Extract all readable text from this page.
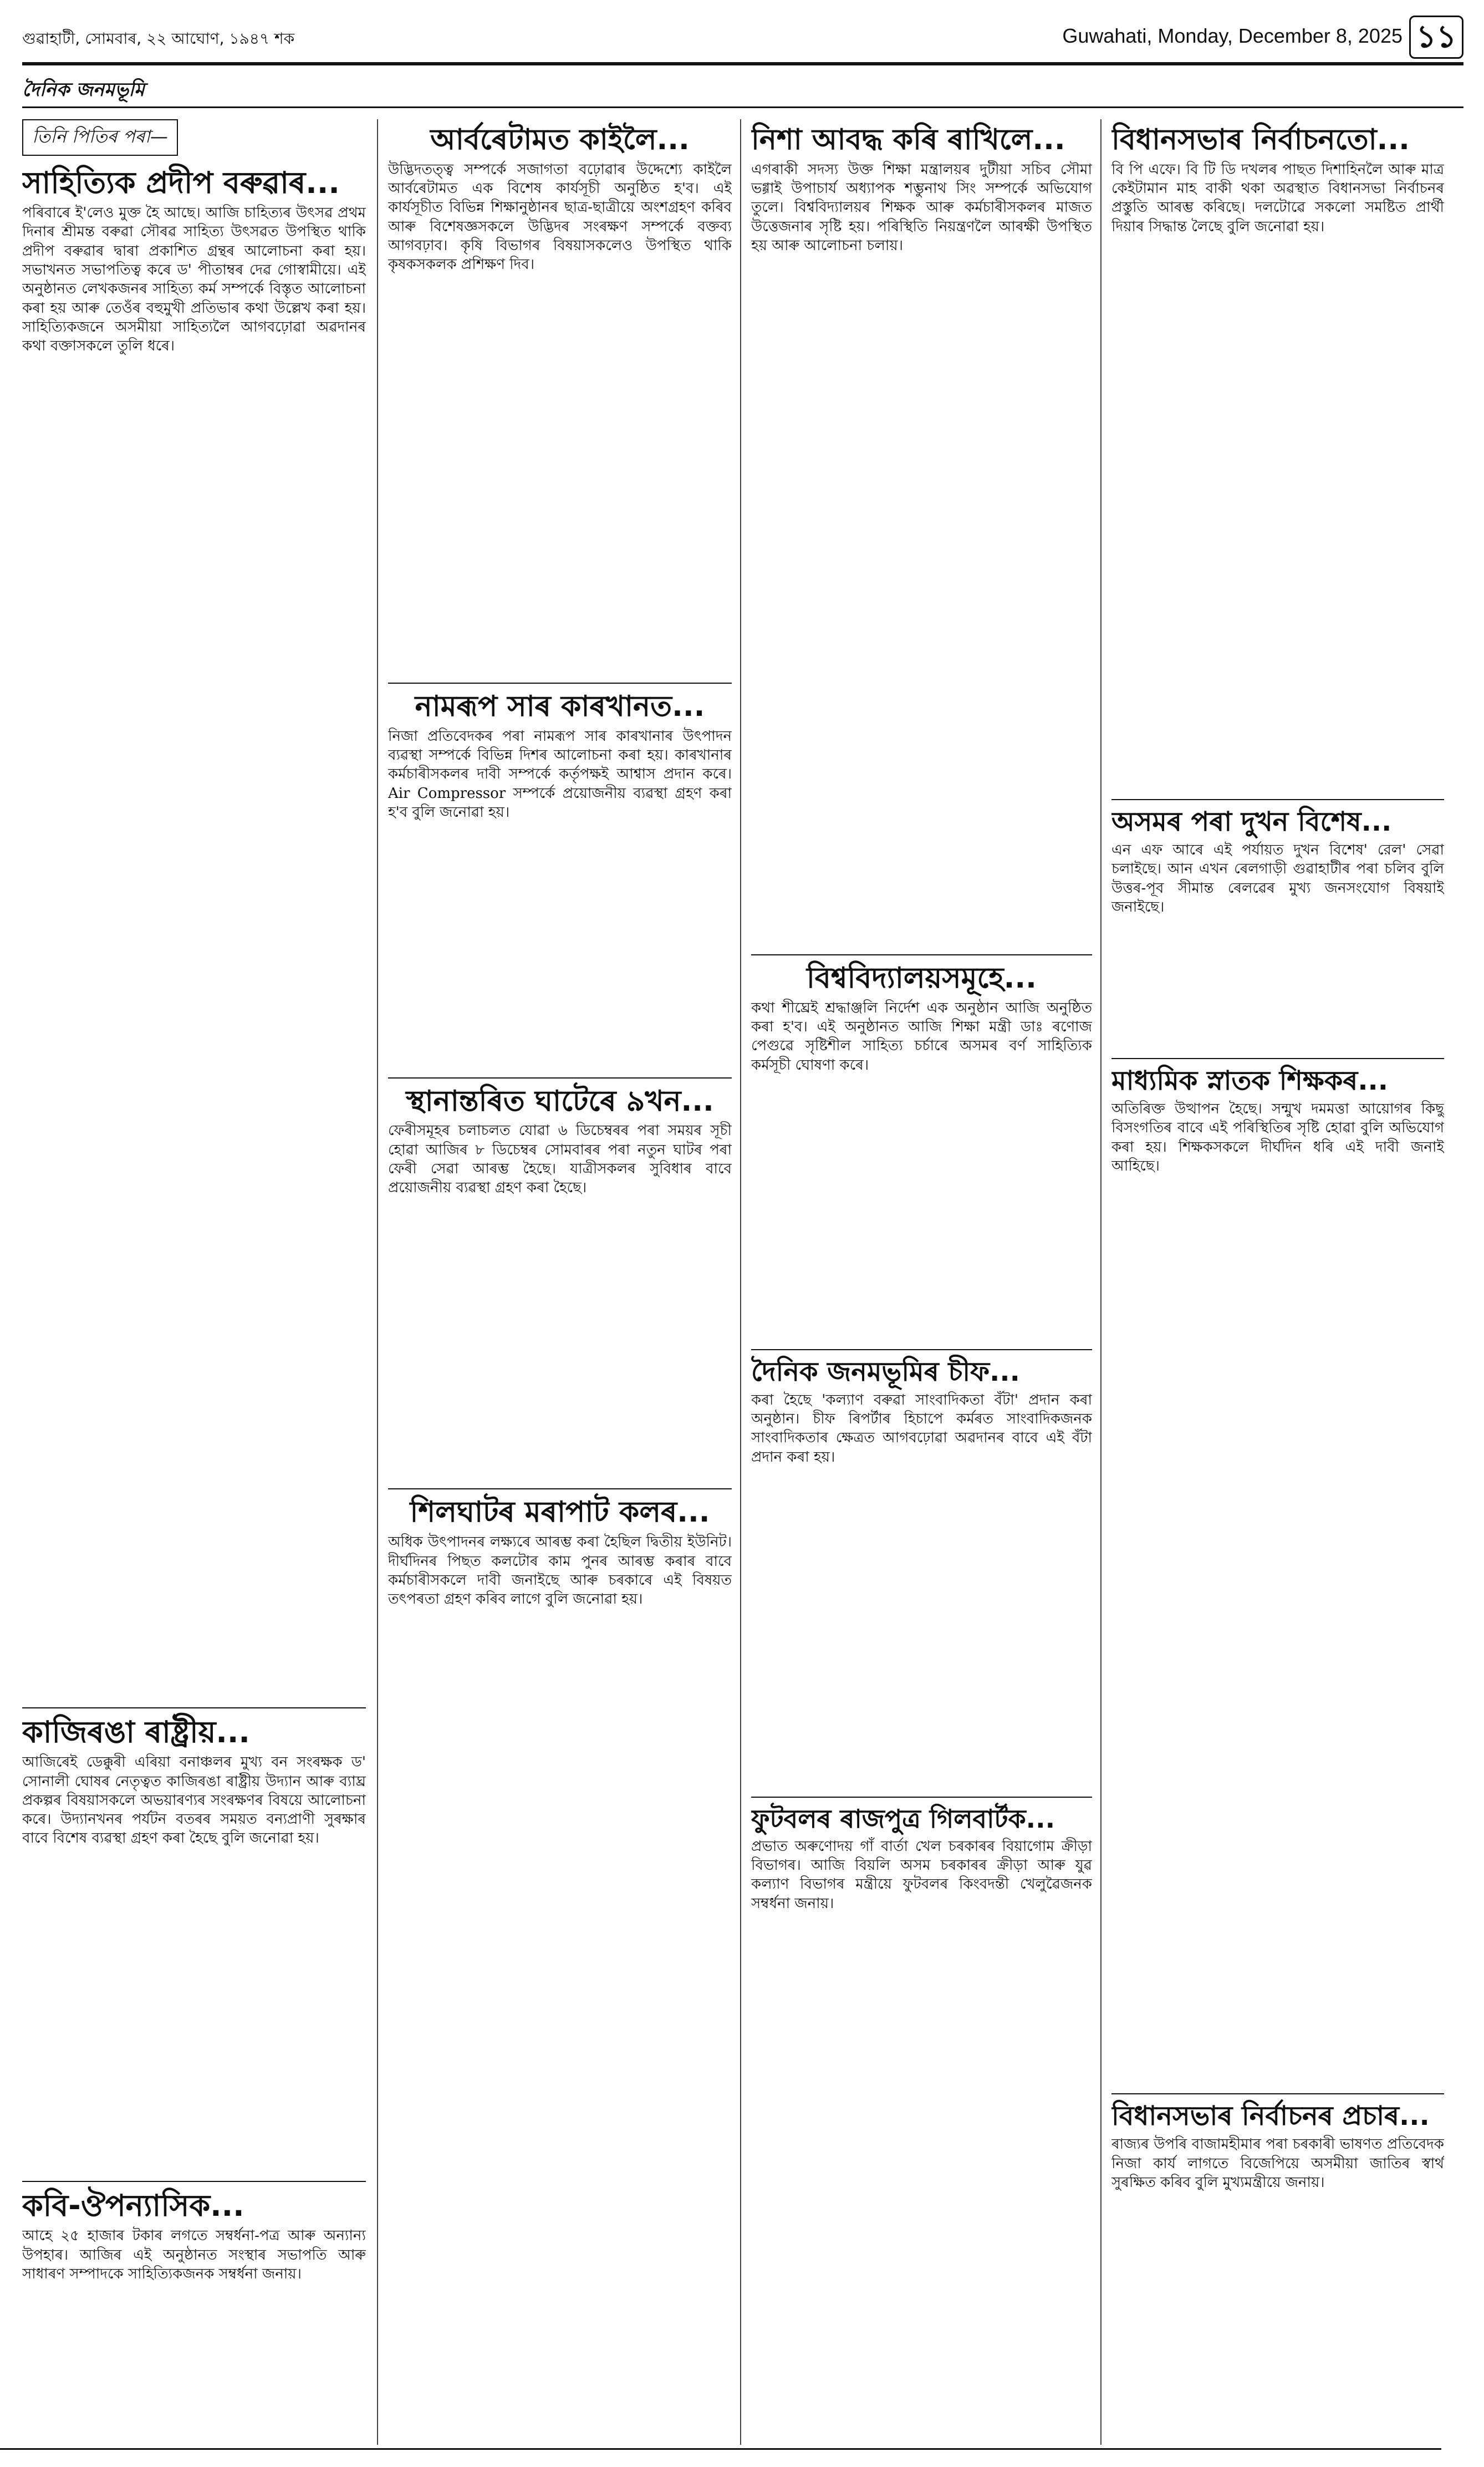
গুৱাহাটী, সোমবাৰ, ২২ আঘোণ, ১৯৪৭ শক	Guwahati, Monday, December 8, 2025 ১১
দৈনিক জনমভূমি
তিনি পিতিৰ পৰা—
সাহিত্যিক প্ৰদীপ বৰুৱাৰ...
পৰিবাৰে ই'লেও মুক্ত হৈ আছে। আজি চাহিত্যৰ উৎসৱ প্ৰথম দিনাৰ শ্ৰীমন্ত বৰুৱা সৌৰৱ সাহিত্য উৎসৱত উপস্থিত থাকি প্ৰদীপ বৰুৱাৰ দ্বাৰা প্ৰকাশিত গ্ৰন্থৰ আলোচনা কৰা হয়। সভাখনত সভাপতিত্ব কৰে ড' পীতাম্বৰ দেৱ গোস্বামীয়ে। এই অনুষ্ঠানত লেখকজনৰ সাহিত্য কৰ্ম সম্পৰ্কে বিস্তৃত আলোচনা কৰা হয় আৰু তেওঁৰ বহুমুখী প্ৰতিভাৰ কথা উল্লেখ কৰা হয়। সাহিত্যিকজনে অসমীয়া সাহিত্যলৈ আগবঢ়োৱা অৱদানৰ কথা বক্তাসকলে তুলি ধৰে।
কাজিৰঙা ৰাষ্ট্ৰীয়...
আজিৰেই ডেক্কুৰী এৰিয়া বনাঞ্চলৰ মুখ্য বন সংৰক্ষক ড' সোনালী ঘোষৰ নেতৃত্বত কাজিৰঙা ৰাষ্ট্ৰীয় উদ্যান আৰু ব্যাঘ্ৰ প্ৰকল্পৰ বিষয়াসকলে অভয়াৰণ্যৰ সংৰক্ষণৰ বিষয়ে আলোচনা কৰে। উদ্যানখনৰ পৰ্যটন বতৰৰ সময়ত বন্যপ্ৰাণী সুৰক্ষাৰ বাবে বিশেষ ব্যৱস্থা গ্ৰহণ কৰা হৈছে বুলি জনোৱা হয়।
কবি-ঔপন্যাসিক...
আহে ২৫ হাজাৰ টকাৰ লগতে সম্বৰ্ধনা-পত্ৰ আৰু অন্যান্য উপহাৰ। আজিৰ এই অনুষ্ঠানত সংস্থাৰ সভাপতি আৰু সাধাৰণ সম্পাদকে সাহিত্যিকজনক সম্বৰ্ধনা জনায়।
আৰ্বৰেটামত কাইলৈ...
উদ্ভিদতত্ত্ব সম্পৰ্কে সজাগতা বঢ়োৱাৰ উদ্দেশ্যে কাইলৈ আৰ্বৰেটামত এক বিশেষ কাৰ্যসূচী অনুষ্ঠিত হ'ব। এই কাৰ্যসূচীত বিভিন্ন শিক্ষানুষ্ঠানৰ ছাত্ৰ-ছাত্ৰীয়ে অংশগ্ৰহণ কৰিব আৰু বিশেষজ্ঞসকলে উদ্ভিদৰ সংৰক্ষণ সম্পৰ্কে বক্তব্য আগবঢ়াব। কৃষি বিভাগৰ বিষয়াসকলেও উপস্থিত থাকি কৃষকসকলক প্ৰশিক্ষণ দিব।
নামৰূপ সাৰ কাৰখানত...
নিজা প্ৰতিবেদকৰ পৰা নামৰূপ সাৰ কাৰখানাৰ উৎপাদন ব্যৱস্থা সম্পৰ্কে বিভিন্ন দিশৰ আলোচনা কৰা হয়। কাৰখানাৰ কৰ্মচাৰীসকলৰ দাবী সম্পৰ্কে কৰ্তৃপক্ষই আশ্বাস প্ৰদান কৰে। Air Compressor সম্পৰ্কে প্ৰয়োজনীয় ব্যৱস্থা গ্ৰহণ কৰা হ'ব বুলি জনোৱা হয়।
স্থানান্তৰিত ঘাটেৰে ৯খন...
ফেৰীসমূহৰ চলাচলত যোৱা ৬ ডিচেম্বৰৰ পৰা সময়ৰ সূচী হোৱা আজিৰ ৮ ডিচেম্বৰ সোমবাৰৰ পৰা নতুন ঘাটৰ পৰা ফেৰী সেৱা আৰম্ভ হৈছে। যাত্ৰীসকলৰ সুবিধাৰ বাবে প্ৰয়োজনীয় ব্যৱস্থা গ্ৰহণ কৰা হৈছে।
শিলঘাটৰ মৰাপাট কলৰ...
অধিক উৎপাদনৰ লক্ষ্যৰে আৰম্ভ কৰা হৈছিল দ্বিতীয় ইউনিট। দীৰ্ঘদিনৰ পিছত কলটোৰ কাম পুনৰ আৰম্ভ কৰাৰ বাবে কৰ্মচাৰীসকলে দাবী জনাইছে আৰু চৰকাৰে এই বিষয়ত তৎপৰতা গ্ৰহণ কৰিব লাগে বুলি জনোৱা হয়।
নিশা আবদ্ধ কৰি ৰাখিলে...
এগৰাকী সদস্য উক্ত শিক্ষা মন্ত্ৰালয়ৰ দুটীয়া সচিব সৌমা ভগ্গাই উপাচাৰ্য অধ্যাপক শম্ভুনাথ সিং সম্পৰ্কে অভিযোগ তুলে। বিশ্ববিদ্যালয়ৰ শিক্ষক আৰু কৰ্মচাৰীসকলৰ মাজত উত্তেজনাৰ সৃষ্টি হয়। পৰিস্থিতি নিয়ন্ত্ৰণলৈ আৰক্ষী উপস্থিত হয় আৰু আলোচনা চলায়।
বিশ্ববিদ্যালয়সমূহে...
কথা শীঘ্ৰেই শ্ৰদ্ধাঞ্জলি নিৰ্দেশ এক অনুষ্ঠান আজি অনুষ্ঠিত কৰা হ'ব। এই অনুষ্ঠানত আজি শিক্ষা মন্ত্ৰী ডাঃ ৰণোজ পেগুৱে সৃষ্টিশীল সাহিত্য চৰ্চাৰে অসমৰ বৰ্ণ সাহিত্যিক কৰ্মসূচী ঘোষণা কৰে।
দৈনিক জনমভূমিৰ চীফ...
কৰা হৈছে 'কল্যাণ বৰুৱা সাংবাদিকতা বঁটা' প্ৰদান কৰা অনুষ্ঠান। চীফ ৰিপৰ্টাৰ হিচাপে কৰ্মৰত সাংবাদিকজনক সাংবাদিকতাৰ ক্ষেত্ৰত আগবঢ়োৱা অৱদানৰ বাবে এই বঁটা প্ৰদান কৰা হয়।
ফুটবলৰ ৰাজপুত্ৰ গিলবাৰ্টক...
প্ৰভাত অৰুণোদয় গাঁ বাৰ্তা খেল চৰকাৰৰ বিয়াগোম ক্ৰীড়া বিভাগৰ। আজি বিয়লি অসম চৰকাৰৰ ক্ৰীড়া আৰু যুৱ কল্যাণ বিভাগৰ মন্ত্ৰীয়ে ফুটবলৰ কিংবদন্তী খেলুৱৈজনক সম্বৰ্ধনা জনায়।
বিধানসভাৰ নিৰ্বাচনতো...
বি পি এফে। বি টি ডি দখলৰ পাছত দিশাহিনলৈ আৰু মাত্ৰ কেইটামান মাহ বাকী থকা অৱস্থাত বিধানসভা নিৰ্বাচনৰ প্ৰস্তুতি আৰম্ভ কৰিছে। দলটোৱে সকলো সমষ্টিত প্ৰাৰ্থী দিয়াৰ সিদ্ধান্ত লৈছে বুলি জনোৱা হয়।
অসমৰ পৰা দুখন বিশেষ...
এন এফ আৰে এই পৰ্যায়ত দুখন বিশেষ' রেল' সেৱা চলাইছে। আন এখন ৰেলগাড়ী গুৱাহাটীৰ পৰা চলিব বুলি উত্তৰ-পূব সীমান্ত ৰেলৱেৰ মুখ্য জনসংযোগ বিষয়াই জনাইছে।
মাধ্যমিক স্নাতক শিক্ষকৰ...
অতিৰিক্ত উত্থাপন হৈছে। সন্মুখ দমমত্তা আয়োগৰ কিছু বিসংগতিৰ বাবে এই পৰিস্থিতিৰ সৃষ্টি হোৱা বুলি অভিযোগ কৰা হয়। শিক্ষকসকলে দীৰ্ঘদিন ধৰি এই দাবী জনাই আহিছে।
বিধানসভাৰ নিৰ্বাচনৰ প্ৰচাৰ...
ৰাজ্যৰ উপৰি বাজামহীমাৰ পৰা চৰকাৰী ভাষণত প্ৰতিবেদক নিজা কাৰ্য লাগতে বিজেপিয়ে অসমীয়া জাতিৰ স্বাৰ্থ সুৰক্ষিত কৰিব বুলি মুখ্যমন্ত্ৰীয়ে জনায়।
